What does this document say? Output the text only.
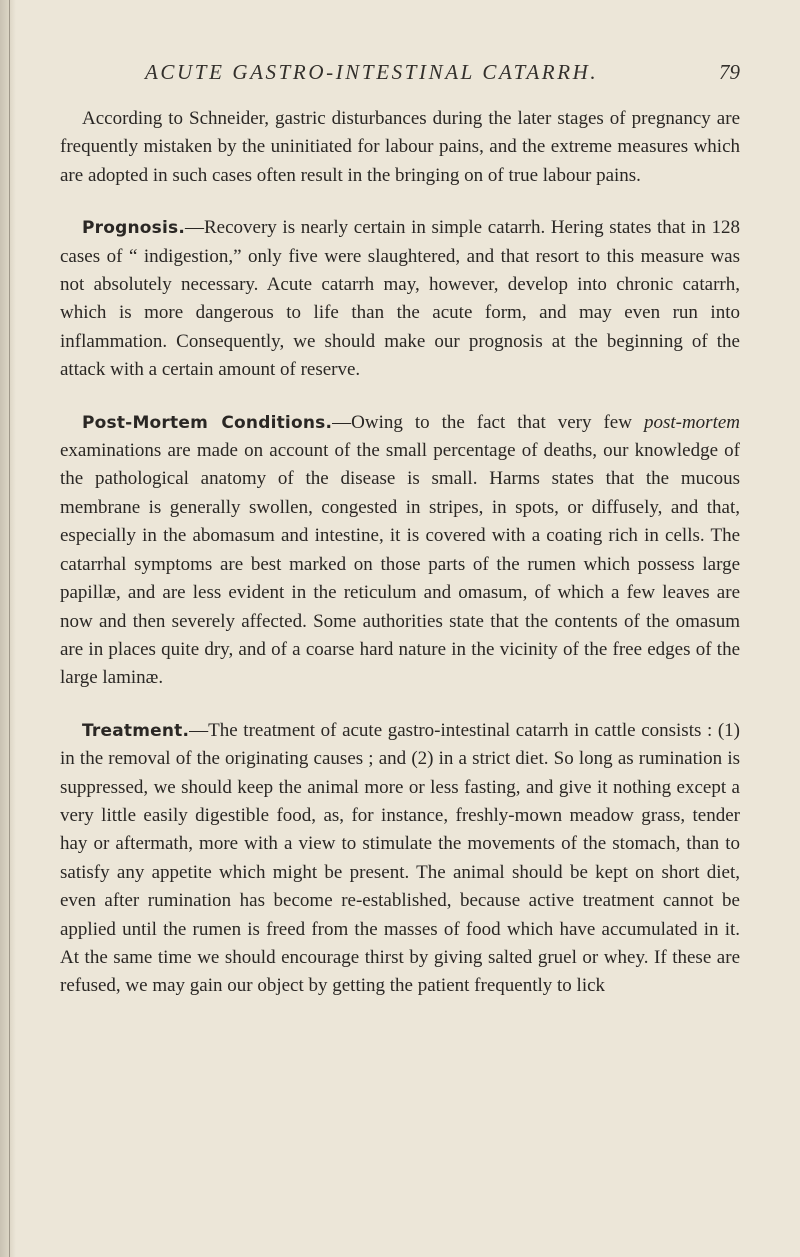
ACUTE GASTRO-INTESTINAL CATARRH.	79

According to Schneider, gastric disturbances during the later stages of pregnancy are frequently mistaken by the uninitiated for labour pains, and the extreme measures which are adopted in such cases often result in the bringing on of true labour pains.

Prognosis.—Recovery is nearly certain in simple catarrh. Hering states that in 128 cases of “ indigestion,” only five were slaughtered, and that resort to this measure was not absolutely necessary. Acute catarrh may, however, develop into chronic catarrh, which is more dangerous to life than the acute form, and may even run into inflammation. Consequently, we should make our prognosis at the beginning of the attack with a certain amount of reserve.

Post-Mortem Conditions.—Owing to the fact that very few post-mortem examinations are made on account of the small percentage of deaths, our knowledge of the pathological anatomy of the disease is small. Harms states that the mucous membrane is generally swollen, congested in stripes, in spots, or diffusely, and that, especially in the abomasum and intestine, it is covered with a coating rich in cells. The catarrhal symptoms are best marked on those parts of the rumen which possess large papillæ, and are less evident in the reticulum and omasum, of which a few leaves are now and then severely affected. Some authorities state that the contents of the omasum are in places quite dry, and of a coarse hard nature in the vicinity of the free edges of the large laminæ.

Treatment.—The treatment of acute gastro-intestinal catarrh in cattle consists : (1) in the removal of the originating causes ; and (2) in a strict diet. So long as rumination is suppressed, we should keep the animal more or less fasting, and give it nothing except a very little easily digestible food, as, for instance, freshly-mown meadow grass, tender hay or aftermath, more with a view to stimulate the movements of the stomach, than to satisfy any appetite which might be present. The animal should be kept on short diet, even after rumination has become re-established, because active treatment cannot be applied until the rumen is freed from the masses of food which have accumulated in it. At the same time we should encourage thirst by giving salted gruel or whey. If these are refused, we may gain our object by getting the patient frequently to lick
